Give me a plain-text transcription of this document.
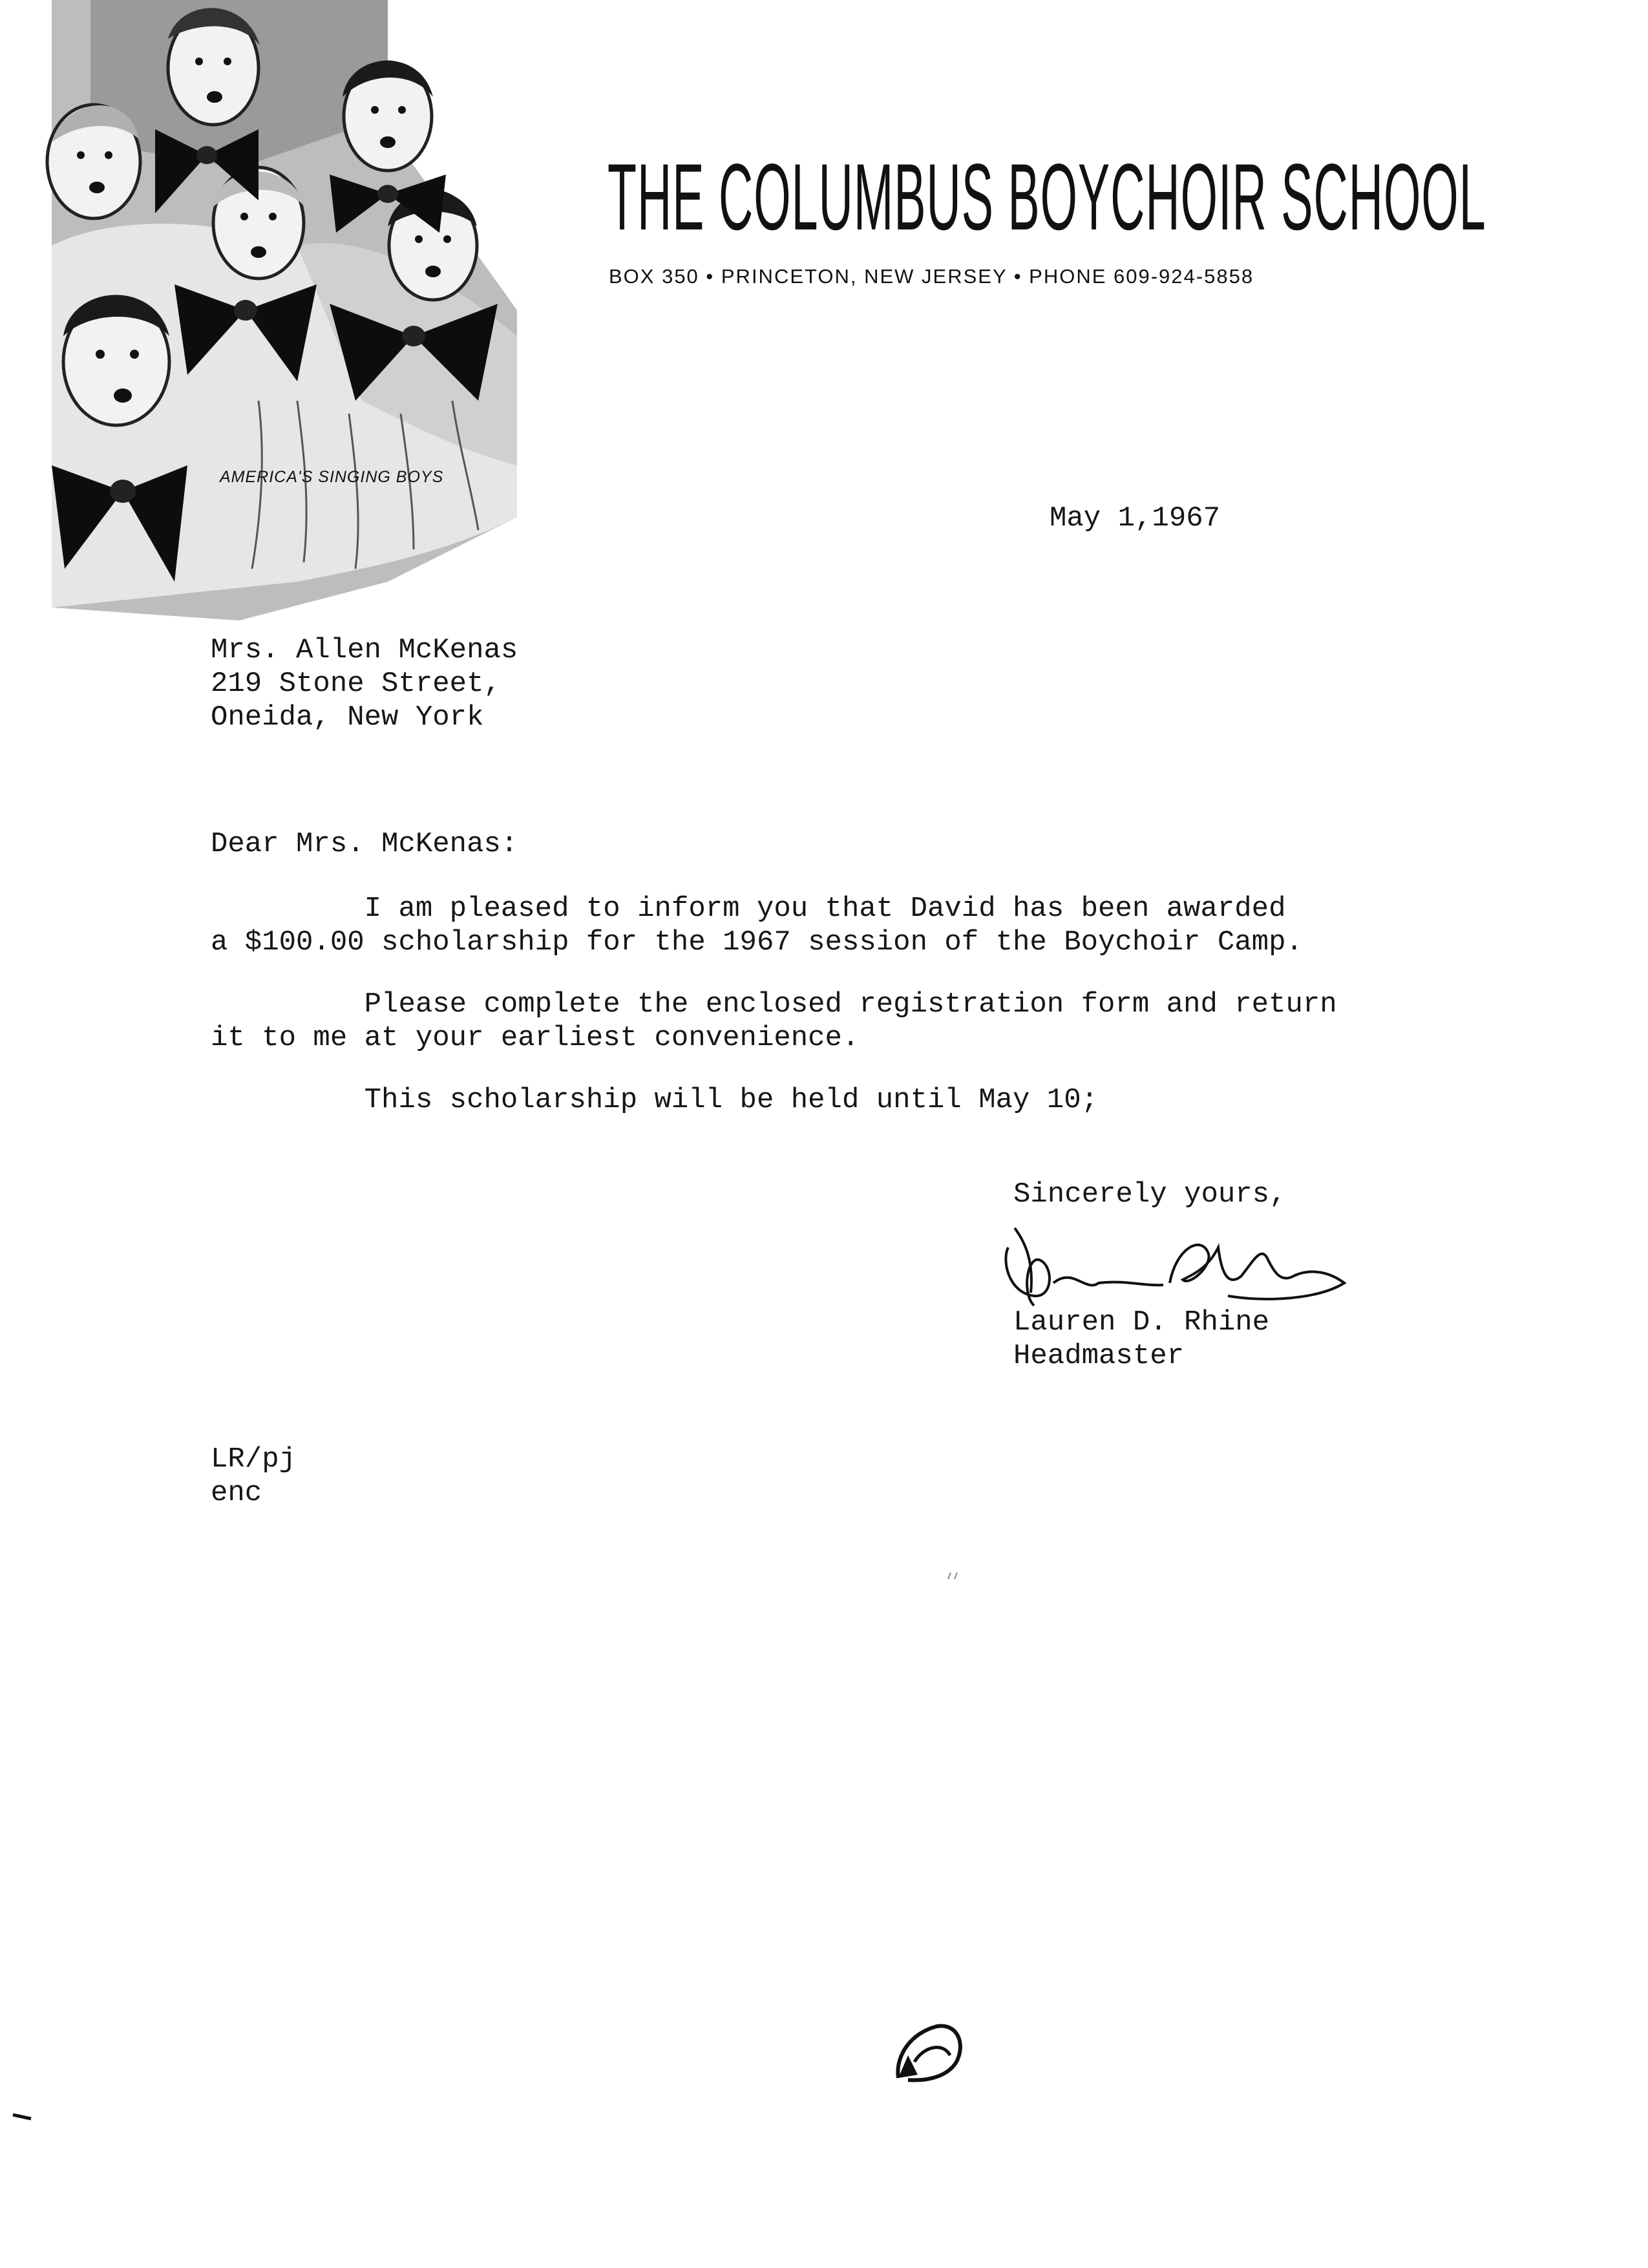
AMERICA'S SINGING BOYS
THE COLUMBUS BOYCHOIR SCHOOL
BOX 350 • PRINCETON, NEW JERSEY • PHONE 609-924-5858
May 1,1967
Mrs. Allen McKenas
219 Stone Street,
Oneida, New York
Dear Mrs. McKenas:
I am pleased to inform you that David has been awarded
a $100.00 scholarship for the 1967 session of the Boychoir Camp.
Please complete the enclosed registration form and return
it to me at your earliest convenience.
This scholarship will be held until May 10;
Sincerely yours,
Lauren D. Rhine
Headmaster
LR/pj
enc
